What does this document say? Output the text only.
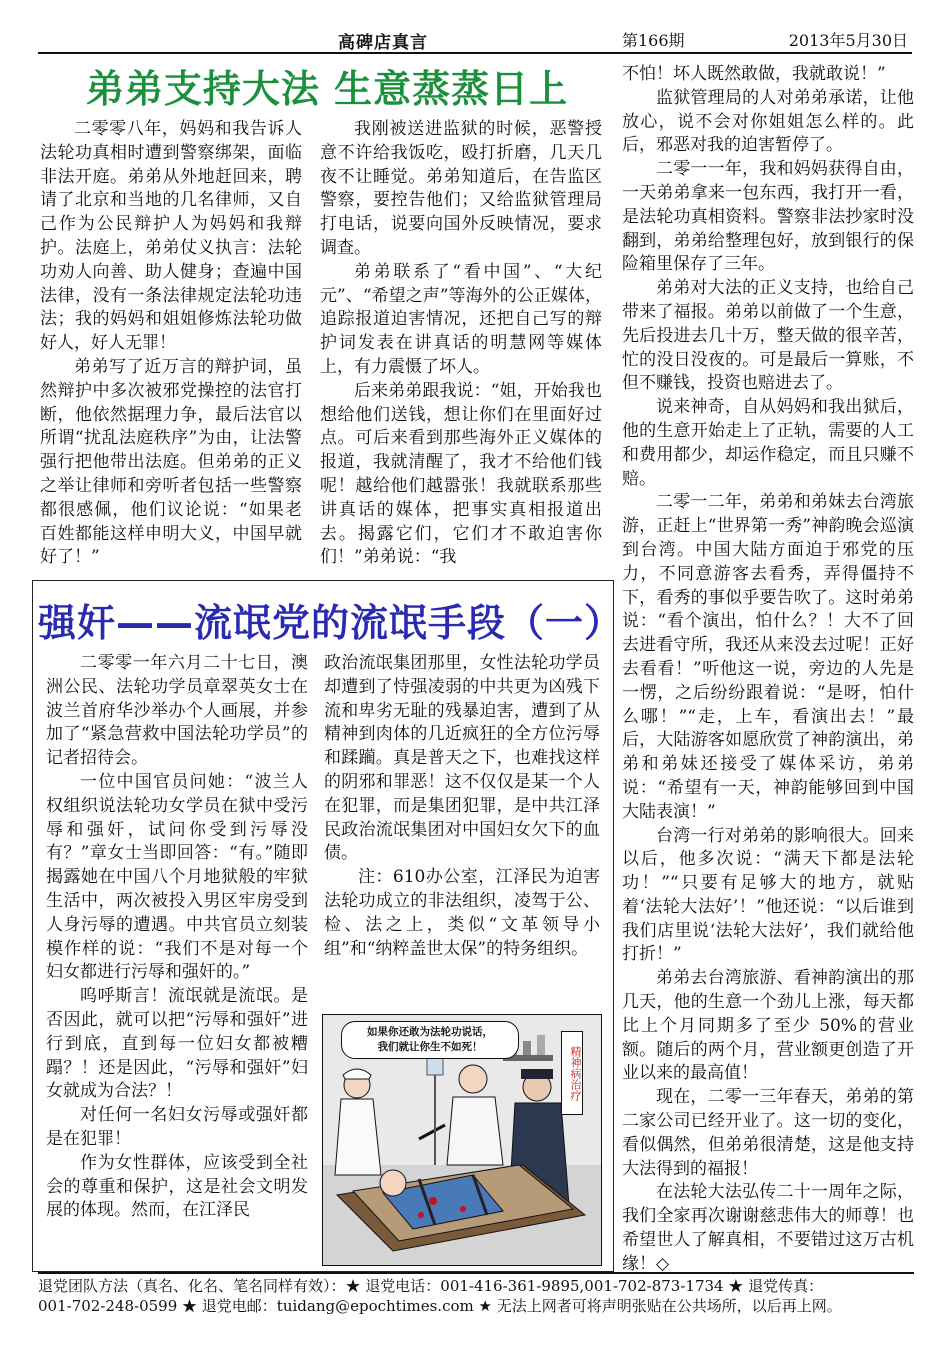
高碑店真言	第166期	2013年5月30日
弟弟支持大法 生意蒸蒸日上

二零零八年，妈妈和我告诉人法轮功真相时遭到警察绑架，面临非法开庭。弟弟从外地赶回来，聘请了北京和当地的几名律师，又自己作为公民辩护人为妈妈和我辩护。法庭上，弟弟仗义执言：法轮功劝人向善、助人健身；查遍中国法律，没有一条法律规定法轮功违法；我的妈妈和姐姐修炼法轮功做好人，好人无罪！

弟弟写了近万言的辩护词，虽然辩护中多次被邪党操控的法官打断，他依然据理力争，最后法官以所谓“扰乱法庭秩序”为由，让法警强行把他带出法庭。但弟弟的正义之举让律师和旁听者包括一些警察都很感佩，他们议论说：“如果老百姓都能这样申明大义，中国早就好了！”

我刚被送进监狱的时候，恶警授意不许给我饭吃，殴打折磨，几天几夜不让睡觉。弟弟知道后，在告监区警察，要控告他们；又给监狱管理局打电话，说要向国外反映情况，要求调查。

弟弟联系了“看中国”、“大纪元”、“希望之声”等海外的公正媒体，追踪报道迫害情况，还把自己写的辩护词发表在讲真话的明慧网等媒体上，有力震慑了坏人。

后来弟弟跟我说：“姐，开始我也想给他们送钱，想让你们在里面好过点。可后来看到那些海外正义媒体的报道，我就清醒了，我才不给他们钱呢！越给他们越嚣张！我就联系那些讲真话的媒体，把事实真相报道出去。揭露它们，它们才不敢迫害你们！”弟弟说：“我

不怕！坏人既然敢做，我就敢说！”

监狱管理局的人对弟弟承诺，让他放心，说不会对你姐姐怎么样的。此后，邪恶对我的迫害暂停了。

二零一一年，我和妈妈获得自由，一天弟弟拿来一包东西，我打开一看，是法轮功真相资料。警察非法抄家时没翻到，弟弟给整理包好，放到银行的保险箱里保存了三年。

弟弟对大法的正义支持，也给自己带来了福报。弟弟以前做了一个生意，先后投进去几十万，整天做的很辛苦，忙的没日没夜的。可是最后一算账，不但不赚钱，投资也赔进去了。

说来神奇，自从妈妈和我出狱后，他的生意开始走上了正轨，需要的人工和费用都少，却运作稳定，而且只赚不赔。

二零一二年，弟弟和弟妹去台湾旅游，正赶上“世界第一秀”神韵晚会巡演到台湾。中国大陆方面迫于邪党的压力，不同意游客去看秀，弄得僵持不下，看秀的事似乎要告吹了。这时弟弟说：“看个演出，怕什么？！大不了回去进看守所，我还从来没去过呢！正好去看看！”听他这一说，旁边的人先是一愣，之后纷纷跟着说：“是呀，怕什么哪！”“走，上车，看演出去！”最后，大陆游客如愿欣赏了神韵演出，弟弟和弟妹还接受了媒体采访，弟弟说：“希望有一天，神韵能够回到中国大陆表演！”

台湾一行对弟弟的影响很大。回来以后，他多次说：“满天下都是法轮功！”“只要有足够大的地方，就贴着‘法轮大法好’！”他还说：“以后谁到我们店里说‘法轮大法好’，我们就给他打折！”

弟弟去台湾旅游、看神韵演出的那几天，他的生意一个劲儿上涨，每天都比上个月同期多了至少 50%的营业额。随后的两个月，营业额更创造了开业以来的最高值！

现在，二零一三年春天，弟弟的第二家公司已经开业了。这一切的变化，看似偶然，但弟弟很清楚，这是他支持大法得到的福报！

在法轮大法弘传二十一周年之际，我们全家再次谢谢慈悲伟大的师尊！也希望世人了解真相，不要错过这万古机缘！◇

强奸——流氓党的流氓手段（一）

二零零一年六月二十七日，澳洲公民、法轮功学员章翠英女士在波兰首府华沙举办个人画展，并参加了“紧急营救中国法轮功学员”的记者招待会。

一位中国官员问她：“波兰人权组织说法轮功女学员在狱中受污辱和强奸，试问你受到污辱没有？”章女士当即回答：“有。”随即揭露她在中国八个月地狱般的牢狱生活中，两次被投入男区牢房受到人身污辱的遭遇。中共官员立刻装模作样的说：“我们不是对每一个妇女都进行污辱和强奸的。”

呜呼斯言！流氓就是流氓。是否因此，就可以把“污辱和强奸”进行到底，直到每一位妇女都被糟蹋？！还是因此，“污辱和强奸”妇女就成为合法？！

对任何一名妇女污辱或强奸都是在犯罪！

作为女性群体，应该受到全社会的尊重和保护，这是社会文明发展的体现。然而，在江泽民

政治流氓集团那里，女性法轮功学员却遭到了恃强凌弱的中共更为凶残下流和卑劣无耻的残暴迫害，遭到了从精神到肉体的几近疯狂的全方位污辱和蹂躏。真是普天之下，也难找这样的阴邪和罪恶！这不仅仅是某一个人在犯罪，而是集团犯罪，是中共江泽民政治流氓集团对中国妇女欠下的血债。

注：610办公室，江泽民为迫害法轮功成立的非法组织，凌驾于公、检、法之上，类似“文革领导小组”和“纳粹盖世太保”的特务组织。

如果你还敢为法轮功说话，
我们就让你生不如死！	精神病治疗
退党团队方法（真名、化名、笔名同样有效）：★ 退党电话：001-416-361-9895,001-702-873-1734 ★ 退党传真：
001-702-248-0599 ★ 退党电邮：tuidang@epochtimes.com ★ 无法上网者可将声明张贴在公共场所，以后再上网。
